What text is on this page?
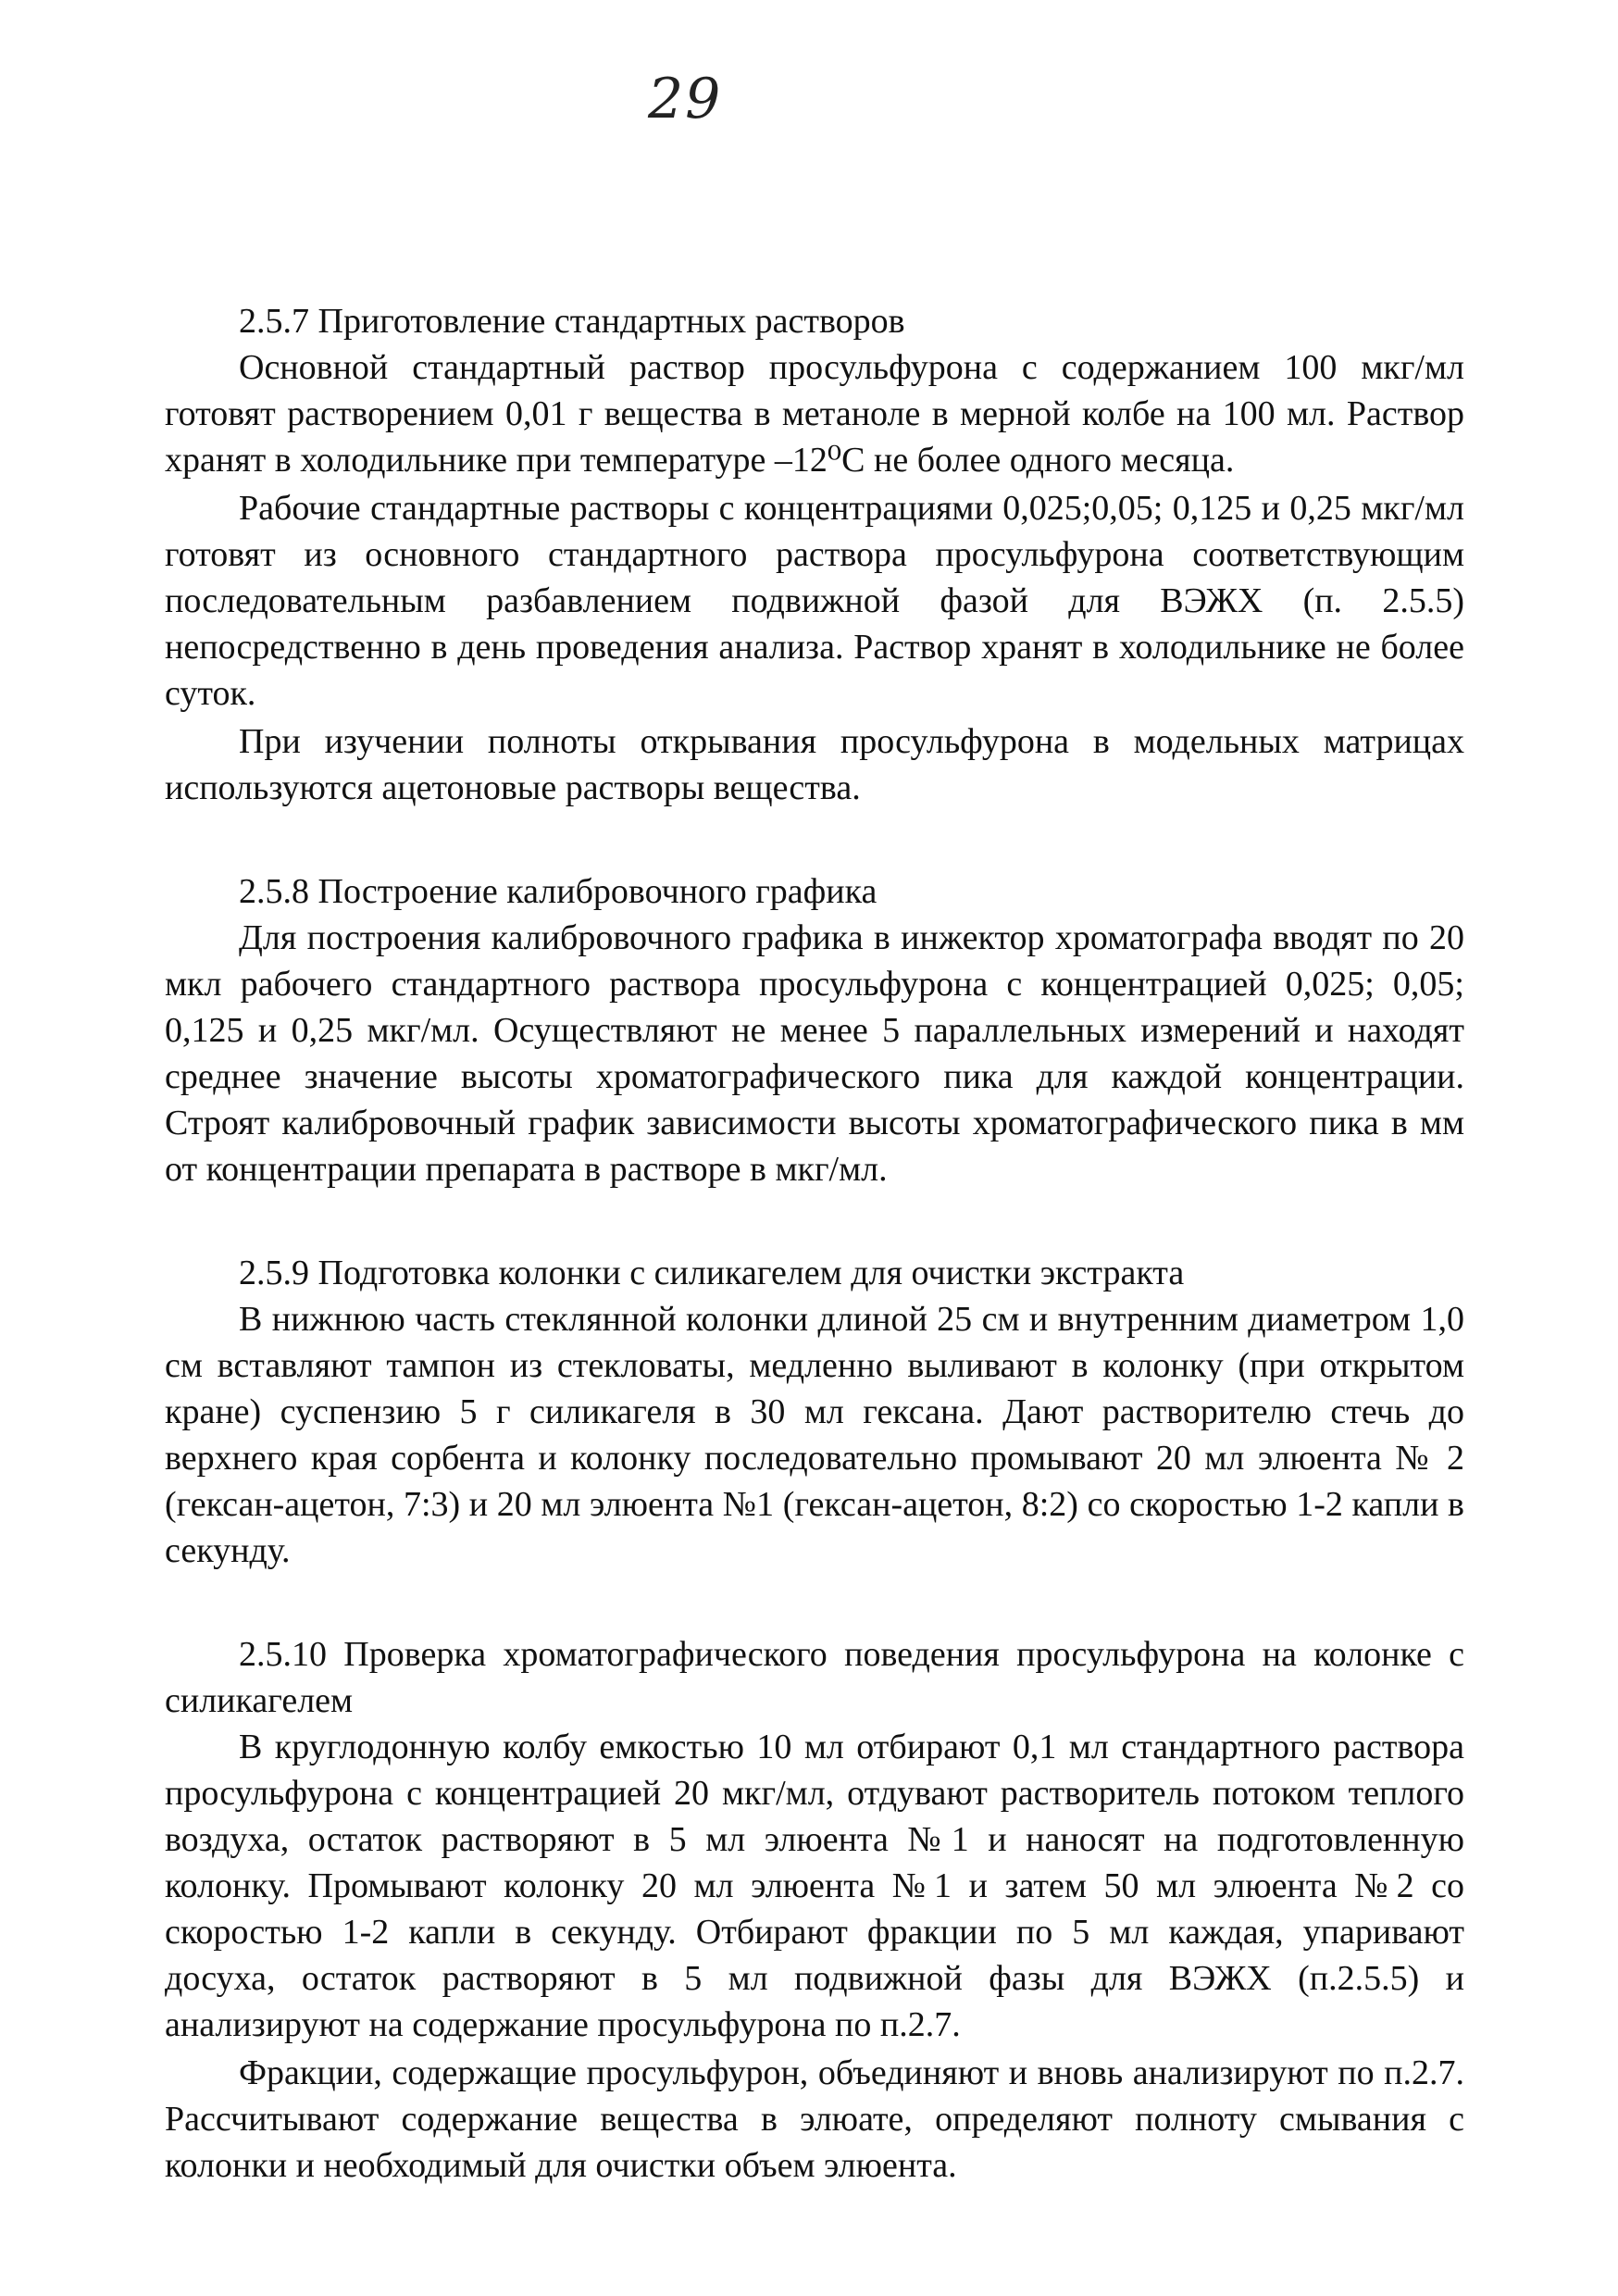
29

2.5.7 Приготовление стандартных растворов

Основной стандартный раствор просульфурона с содержанием 100 мкг/мл готовят растворением 0,01 г вещества в метаноле в мерной колбе на 100 мл. Раствор хранят в холодильнике при температуре –12⁰С не более одного месяца.

Рабочие стандартные растворы с концентрациями 0,025;0,05; 0,125 и 0,25 мкг/мл готовят из основного стандартного раствора просульфурона соответствующим последовательным разбавлением подвижной фазой для ВЭЖХ (п. 2.5.5) непосредственно в день проведения анализа. Раствор хранят в холодильнике не более суток.

При изучении полноты открывания просульфурона в модельных матрицах используются ацетоновые растворы вещества.

2.5.8 Построение калибровочного графика

Для построения калибровочного графика в инжектор хроматографа вводят по 20 мкл рабочего стандартного раствора просульфурона с концентрацией 0,025; 0,05; 0,125 и 0,25 мкг/мл. Осуществляют не менее 5 параллельных измерений и находят среднее значение высоты хроматографического пика для каждой концентрации. Строят калибровочный график зависимости высоты хроматографического пика в мм от концентрации препарата в растворе в мкг/мл.

2.5.9 Подготовка колонки с силикагелем для очистки экстракта

В нижнюю часть стеклянной колонки длиной 25 см и внутренним диаметром 1,0 см вставляют тампон из стекловаты, медленно выливают в колонку (при открытом кране) суспензию 5 г силикагеля в 30 мл гексана. Дают растворителю стечь до верхнего края сорбента и колонку последовательно промывают 20 мл элюента № 2 (гексан-ацетон, 7:3) и 20 мл элюента №1 (гексан-ацетон, 8:2) со скоростью 1-2 капли в секунду.

2.5.10 Проверка хроматографического поведения просульфурона на колонке с силикагелем

В круглодонную колбу емкостью 10 мл отбирают 0,1 мл стандартного раствора просульфурона с концентрацией 20 мкг/мл, отдувают растворитель потоком теплого воздуха, остаток растворяют в 5 мл элюента №1 и наносят на подготовленную колонку. Промывают колонку 20 мл элюента №1 и затем 50 мл элюента №2 со скоростью 1-2 капли в секунду. Отбирают фракции по 5 мл каждая, упаривают досуха, остаток растворяют в 5 мл подвижной фазы для ВЭЖХ (п.2.5.5) и анализируют на содержание просульфурона по п.2.7.

Фракции, содержащие просульфурон, объединяют и вновь анализируют по п.2.7. Рассчитывают содержание вещества в элюате, определяют полноту смывания с колонки и необходимый для очистки объем элюента.
